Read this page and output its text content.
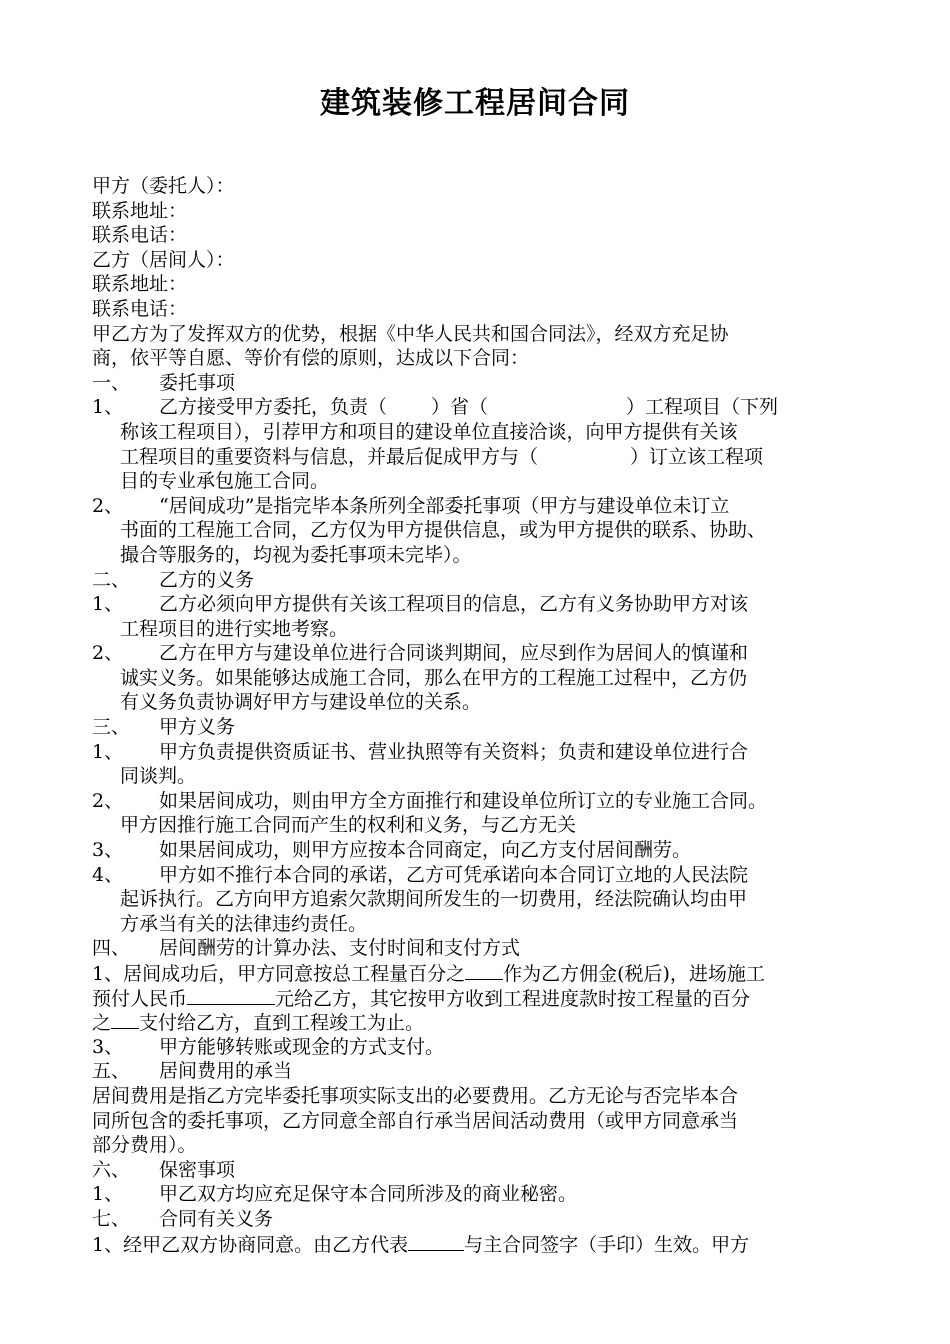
建筑装修工程居间合同
甲方（委托人）：
联系地址：
联系电话：
乙方（居间人）：
联系地址：
联系电话：
甲乙方为了发挥双方的优势，根据《中华人民共和国合同法》，经双方充足协
商，依平等自愿、等价有偿的原则，达成以下合同：
一、 委托事项
1、 乙方接受甲方委托，负责（ ）省（	）工程项目（下列
称该工程项目），引荐甲方和项目的建设单位直接洽谈，向甲方提供有关该
工程项目的重要资料与信息，并最后促成甲方与（	）订立该工程项
目的专业承包施工合同。
2、 “居间成功”是指完毕本条所列全部委托事项（甲方与建设单位未订立
书面的工程施工合同，乙方仅为甲方提供信息，或为甲方提供的联系、协助、
撮合等服务的，均视为委托事项未完毕）。
二、 乙方的义务
1、 乙方必须向甲方提供有关该工程项目的信息，乙方有义务协助甲方对该
工程项目的进行实地考察。
2、 乙方在甲方与建设单位进行合同谈判期间，应尽到作为居间人的慎谨和
诚实义务。如果能够达成施工合同，那么在甲方的工程施工过程中，乙方仍
有义务负责协调好甲方与建设单位的关系。
三、 甲方义务
1、 甲方负责提供资质证书、营业执照等有关资料；负责和建设单位进行合
同谈判。
2、 如果居间成功，则由甲方全方面推行和建设单位所订立的专业施工合同。
甲方因推行施工合同而产生的权利和义务，与乙方无关
3、 如果居间成功，则甲方应按本合同商定，向乙方支付居间酬劳。
4、 甲方如不推行本合同的承诺，乙方可凭承诺向本合同订立地的人民法院
起诉执行。乙方向甲方追索欠款期间所发生的一切费用，经法院确认均由甲
方承当有关的法律违约责任。
四、 居间酬劳的计算办法、支付时间和支付方式
1、居间成功后，甲方同意按总工程量百分之 作为乙方佣金(税后)，进场施工
预付人民币	元给乙方，其它按甲方收到工程进度款时按工程量的百分
之 支付给乙方，直到工程竣工为止。
3、 甲方能够转账或现金的方式支付。
五、 居间费用的承当
居间费用是指乙方完毕委托事项实际支出的必要费用。乙方无论与否完毕本合
同所包含的委托事项，乙方同意全部自行承当居间活动费用（或甲方同意承当
部分费用）。
六、 保密事项
1、 甲乙双方均应充足保守本合同所涉及的商业秘密。
七、 合同有关义务
1、经甲乙双方协商同意。由乙方代表	与主合同签字（手印）生效。甲方
